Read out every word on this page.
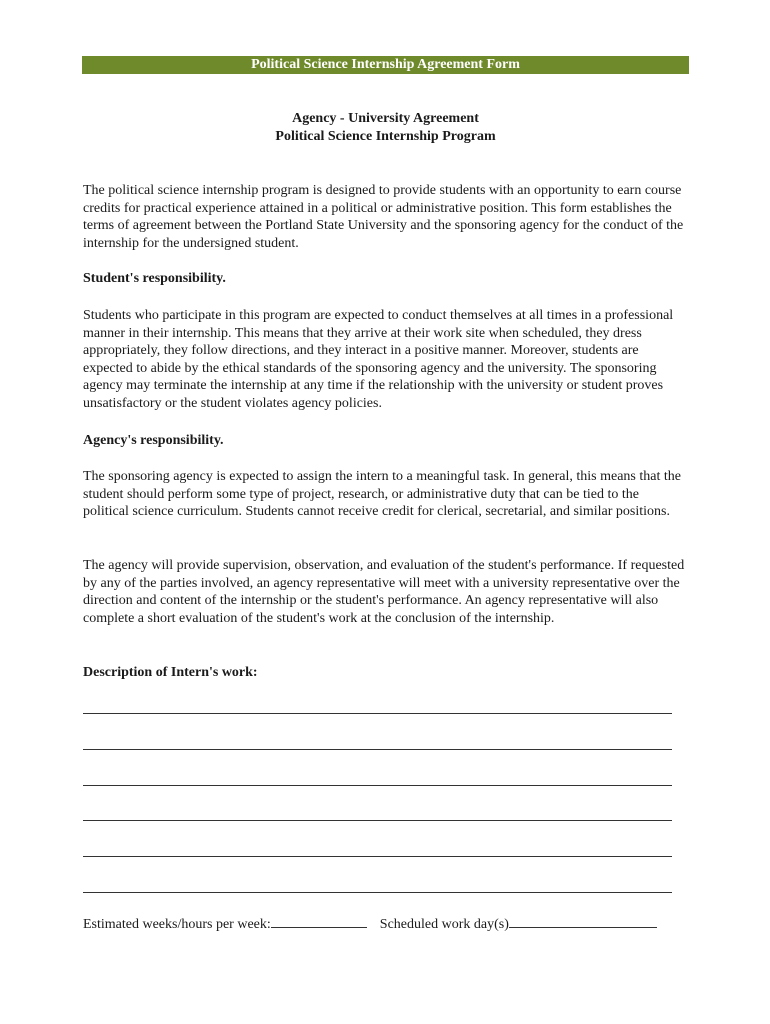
Political Science Internship Agreement Form
Agency - University Agreement
Political Science Internship Program

The political science internship program is designed to provide students with an opportunity to earn course credits for practical experience attained in a political or administrative position. This form establishes the terms of agreement between the Portland State University and the sponsoring agency for the conduct of the internship for the undersigned student.

Student's responsibility.

Students who participate in this program are expected to conduct themselves at all times in a professional manner in their internship. This means that they arrive at their work site when scheduled, they dress appropriately, they follow directions, and they interact in a positive manner. Moreover, students are expected to abide by the ethical standards of the sponsoring agency and the university. The sponsoring agency may terminate the internship at any time if the relationship with the university or student proves unsatisfactory or the student violates agency policies.

Agency's responsibility.

The sponsoring agency is expected to assign the intern to a meaningful task. In general, this means that the student should perform some type of project, research, or administrative duty that can be tied to the political science curriculum. Students cannot receive credit for clerical, secretarial, and similar positions.

The agency will provide supervision, observation, and evaluation of the student's performance. If requested by any of the parties involved, an agency representative will meet with a university representative over the direction and content of the internship or the student's performance. An agency representative will also complete a short evaluation of the student's work at the conclusion of the internship.

Description of Intern's work:
Estimated weeks/hours per week:	Scheduled work day(s)
